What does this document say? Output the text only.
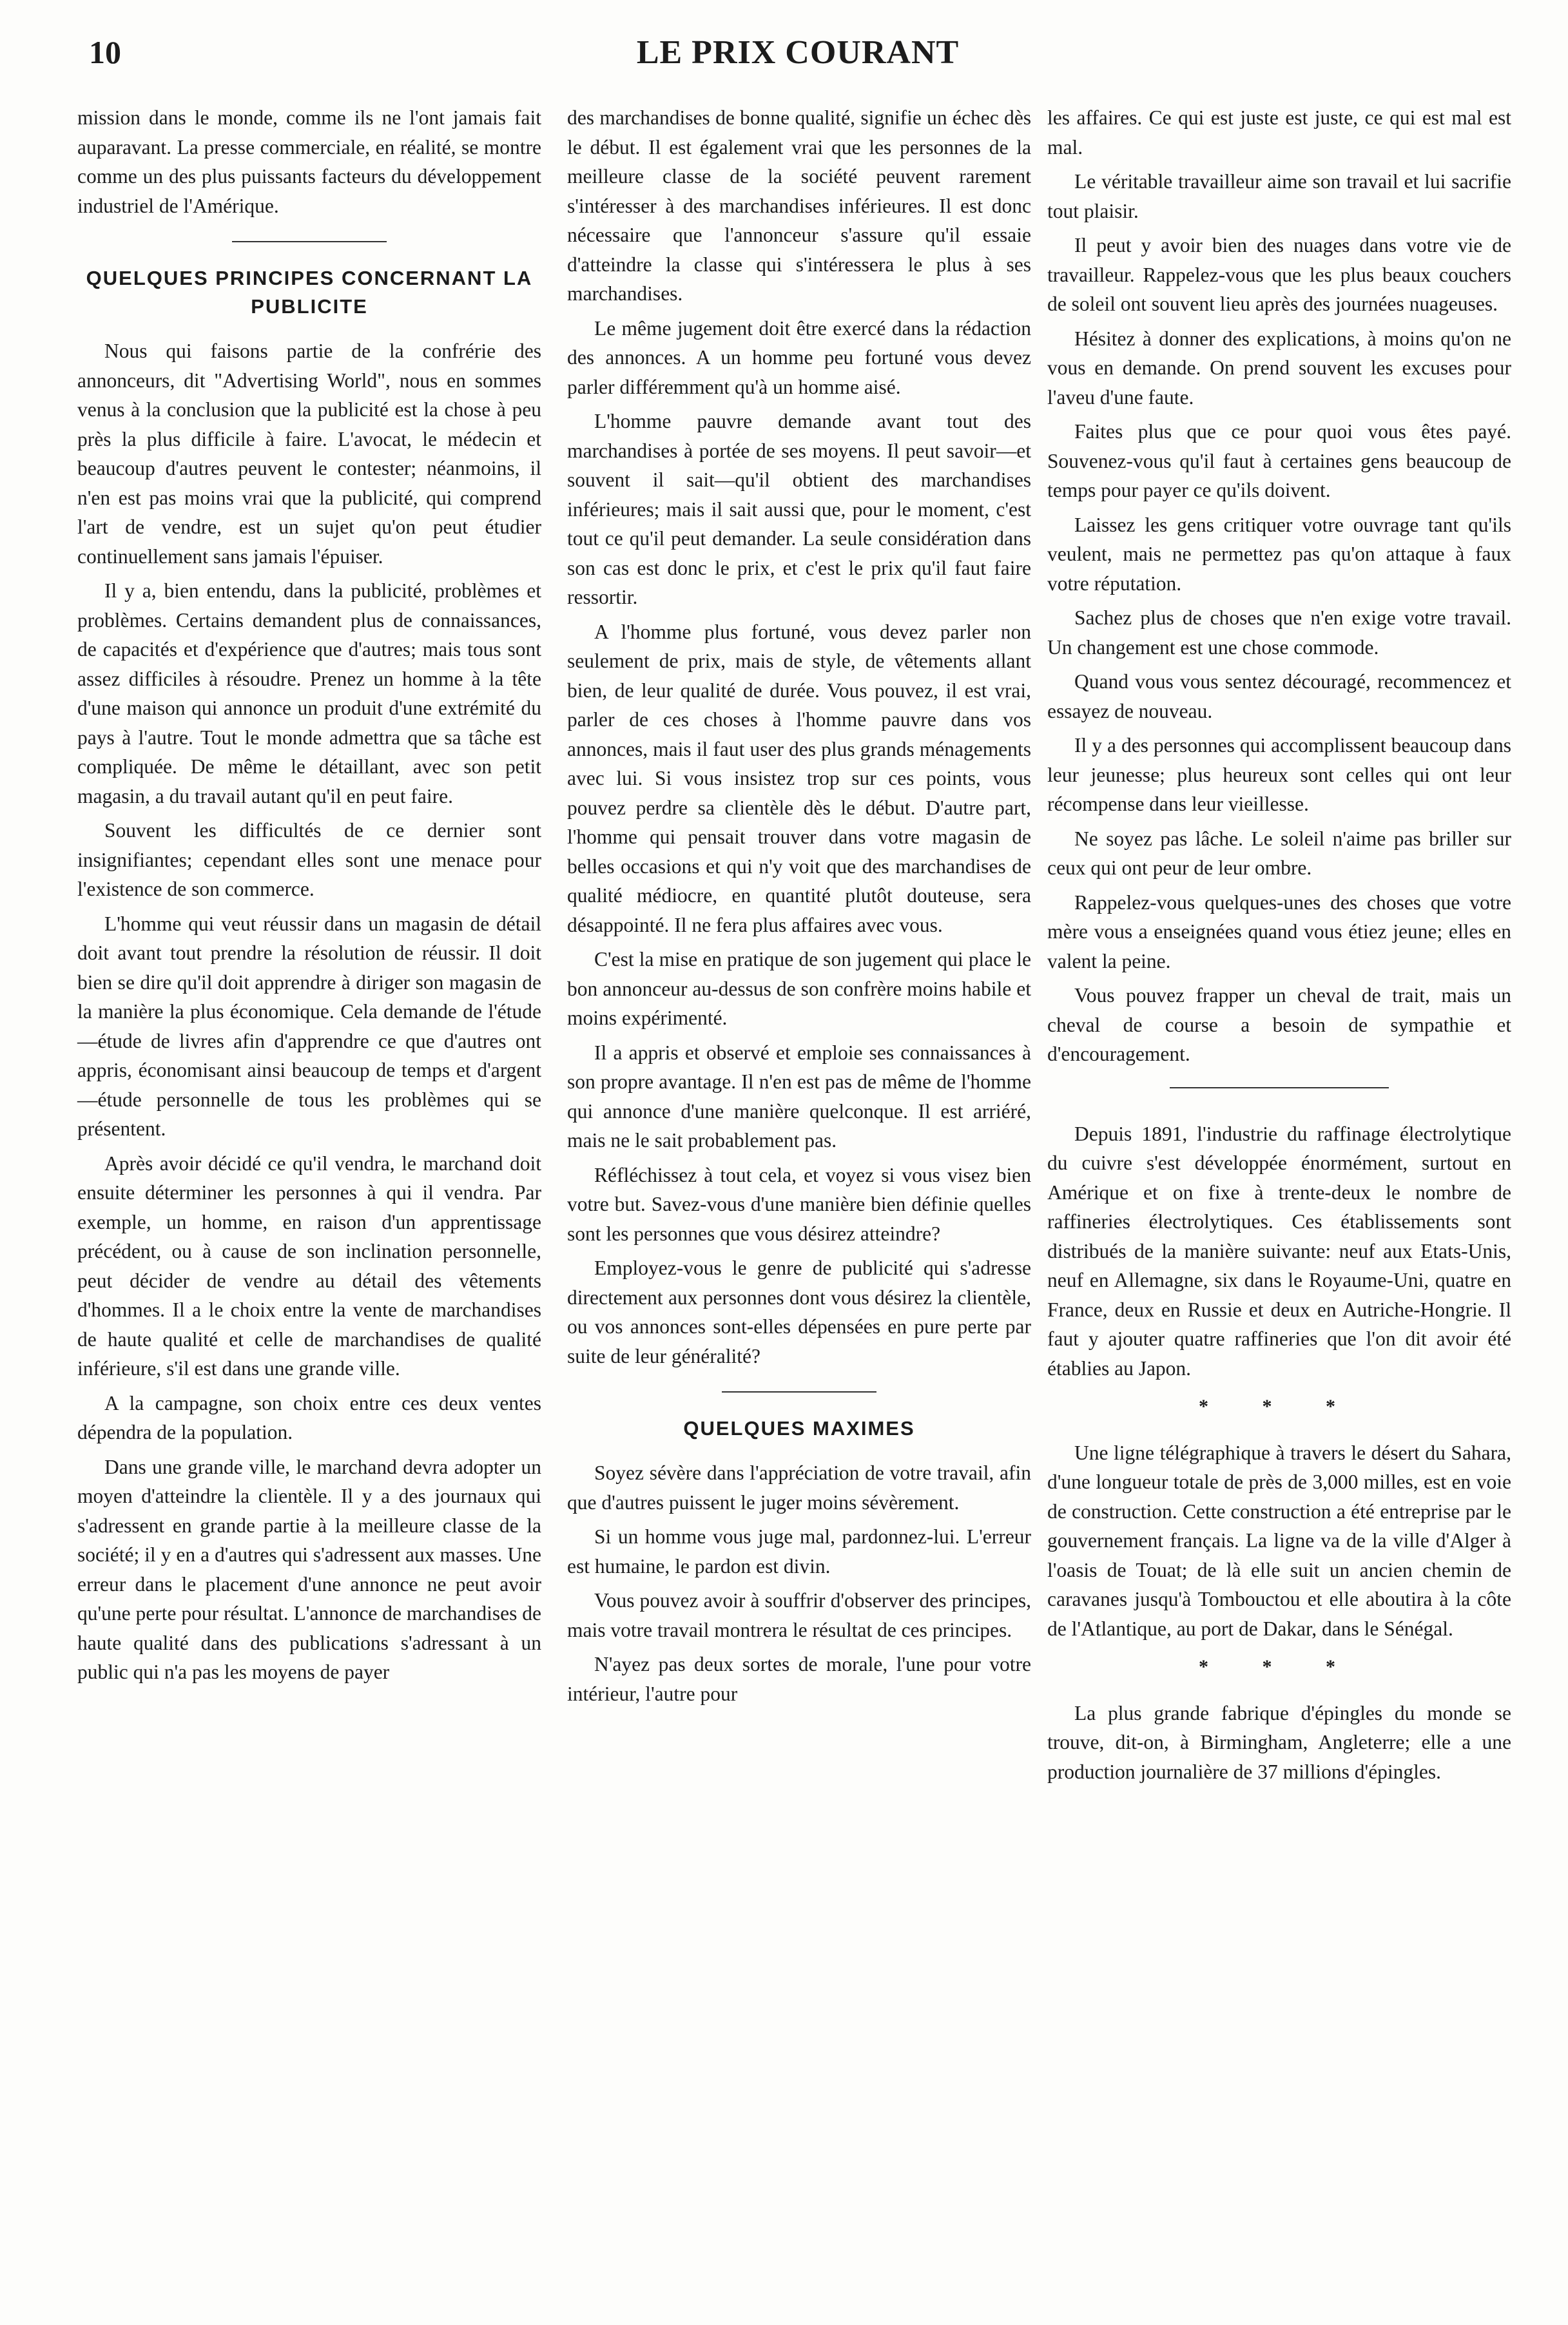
10	LE PRIX COURANT

mission dans le monde, comme ils ne l'ont jamais fait auparavant. La presse commerciale, en réalité, se montre comme un des plus puissants facteurs du développement industriel de l'Amérique.

QUELQUES PRINCIPES CONCERNANT LA PUBLICITE

Nous qui faisons partie de la confrérie des annonceurs, dit "Advertising World", nous en sommes venus à la conclusion que la publicité est la chose à peu près la plus difficile à faire. L'avocat, le médecin et beaucoup d'autres peuvent le contester; néanmoins, il n'en est pas moins vrai que la publicité, qui comprend l'art de vendre, est un sujet qu'on peut étudier continuellement sans jamais l'épuiser.

Il y a, bien entendu, dans la publicité, problèmes et problèmes. Certains demandent plus de connaissances, de capacités et d'expérience que d'autres; mais tous sont assez difficiles à résoudre. Prenez un homme à la tête d'une maison qui annonce un produit d'une extrémité du pays à l'autre. Tout le monde admettra que sa tâche est compliquée. De même le détaillant, avec son petit magasin, a du travail autant qu'il en peut faire.

Souvent les difficultés de ce dernier sont insignifiantes; cependant elles sont une menace pour l'existence de son commerce.

L'homme qui veut réussir dans un magasin de détail doit avant tout prendre la résolution de réussir. Il doit bien se dire qu'il doit apprendre à diriger son magasin de la manière la plus économique. Cela demande de l'étude—étude de livres afin d'apprendre ce que d'autres ont appris, économisant ainsi beaucoup de temps et d'argent—étude personnelle de tous les problèmes qui se présentent.

Après avoir décidé ce qu'il vendra, le marchand doit ensuite déterminer les personnes à qui il vendra. Par exemple, un homme, en raison d'un apprentissage précédent, ou à cause de son inclination personnelle, peut décider de vendre au détail des vêtements d'hommes. Il a le choix entre la vente de marchandises de haute qualité et celle de marchandises de qualité inférieure, s'il est dans une grande ville.

A la campagne, son choix entre ces deux ventes dépendra de la population.

Dans une grande ville, le marchand devra adopter un moyen d'atteindre la clientèle. Il y a des journaux qui s'adressent en grande partie à la meilleure classe de la société; il y en a d'autres qui s'adressent aux masses. Une erreur dans le placement d'une annonce ne peut avoir qu'une perte pour résultat. L'annonce de marchandises de haute qualité dans des publications s'adressant à un public qui n'a pas les moyens de payer

des marchandises de bonne qualité, signifie un échec dès le début. Il est également vrai que les personnes de la meilleure classe de la société peuvent rarement s'intéresser à des marchandises inférieures. Il est donc nécessaire que l'annonceur s'assure qu'il essaie d'atteindre la classe qui s'intéressera le plus à ses marchandises.

Le même jugement doit être exercé dans la rédaction des annonces. A un homme peu fortuné vous devez parler différemment qu'à un homme aisé.

L'homme pauvre demande avant tout des marchandises à portée de ses moyens. Il peut savoir—et souvent il sait—qu'il obtient des marchandises inférieures; mais il sait aussi que, pour le moment, c'est tout ce qu'il peut demander. La seule considération dans son cas est donc le prix, et c'est le prix qu'il faut faire ressortir.

A l'homme plus fortuné, vous devez parler non seulement de prix, mais de style, de vêtements allant bien, de leur qualité de durée. Vous pouvez, il est vrai, parler de ces choses à l'homme pauvre dans vos annonces, mais il faut user des plus grands ménagements avec lui. Si vous insistez trop sur ces points, vous pouvez perdre sa clientèle dès le début. D'autre part, l'homme qui pensait trouver dans votre magasin de belles occasions et qui n'y voit que des marchandises de qualité médiocre, en quantité plutôt douteuse, sera désappointé. Il ne fera plus affaires avec vous.

C'est la mise en pratique de son jugement qui place le bon annonceur au-dessus de son confrère moins habile et moins expérimenté.

Il a appris et observé et emploie ses connaissances à son propre avantage. Il n'en est pas de même de l'homme qui annonce d'une manière quelconque. Il est arriéré, mais ne le sait probablement pas.

Réfléchissez à tout cela, et voyez si vous visez bien votre but. Savez-vous d'une manière bien définie quelles sont les personnes que vous désirez atteindre?

Employez-vous le genre de publicité qui s'adresse directement aux personnes dont vous désirez la clientèle, ou vos annonces sont-elles dépensées en pure perte par suite de leur généralité?

QUELQUES MAXIMES

Soyez sévère dans l'appréciation de votre travail, afin que d'autres puissent le juger moins sévèrement.

Si un homme vous juge mal, pardonnez-lui. L'erreur est humaine, le pardon est divin.

Vous pouvez avoir à souffrir d'observer des principes, mais votre travail montrera le résultat de ces principes.

N'ayez pas deux sortes de morale, l'une pour votre intérieur, l'autre pour

les affaires. Ce qui est juste est juste, ce qui est mal est mal.

Le véritable travailleur aime son travail et lui sacrifie tout plaisir.

Il peut y avoir bien des nuages dans votre vie de travailleur. Rappelez-vous que les plus beaux couchers de soleil ont souvent lieu après des journées nuageuses.

Hésitez à donner des explications, à moins qu'on ne vous en demande. On prend souvent les excuses pour l'aveu d'une faute.

Faites plus que ce pour quoi vous êtes payé. Souvenez-vous qu'il faut à certaines gens beaucoup de temps pour payer ce qu'ils doivent.

Laissez les gens critiquer votre ouvrage tant qu'ils veulent, mais ne permettez pas qu'on attaque à faux votre réputation.

Sachez plus de choses que n'en exige votre travail. Un changement est une chose commode.

Quand vous vous sentez découragé, recommencez et essayez de nouveau.

Il y a des personnes qui accomplissent beaucoup dans leur jeunesse; plus heureux sont celles qui ont leur récompense dans leur vieillesse.

Ne soyez pas lâche. Le soleil n'aime pas briller sur ceux qui ont peur de leur ombre.

Rappelez-vous quelques-unes des choses que votre mère vous a enseignées quand vous étiez jeune; elles en valent la peine.

Vous pouvez frapper un cheval de trait, mais un cheval de course a besoin de sympathie et d'encouragement.

Depuis 1891, l'industrie du raffinage électrolytique du cuivre s'est développée énormément, surtout en Amérique et on fixe à trente-deux le nombre de raffineries électrolytiques. Ces établissements sont distribués de la manière suivante: neuf aux Etats-Unis, neuf en Allemagne, six dans le Royaume-Uni, quatre en France, deux en Russie et deux en Autriche-Hongrie. Il faut y ajouter quatre raffineries que l'on dit avoir été établies au Japon.

* * *

Une ligne télégraphique à travers le désert du Sahara, d'une longueur totale de près de 3,000 milles, est en voie de construction. Cette construction a été entreprise par le gouvernement français. La ligne va de la ville d'Alger à l'oasis de Touat; de là elle suit un ancien chemin de caravanes jusqu'à Tombouctou et elle aboutira à la côte de l'Atlantique, au port de Dakar, dans le Sénégal.

* * *

La plus grande fabrique d'épingles du monde se trouve, dit-on, à Birmingham, Angleterre; elle a une production journalière de 37 millions d'épingles.
